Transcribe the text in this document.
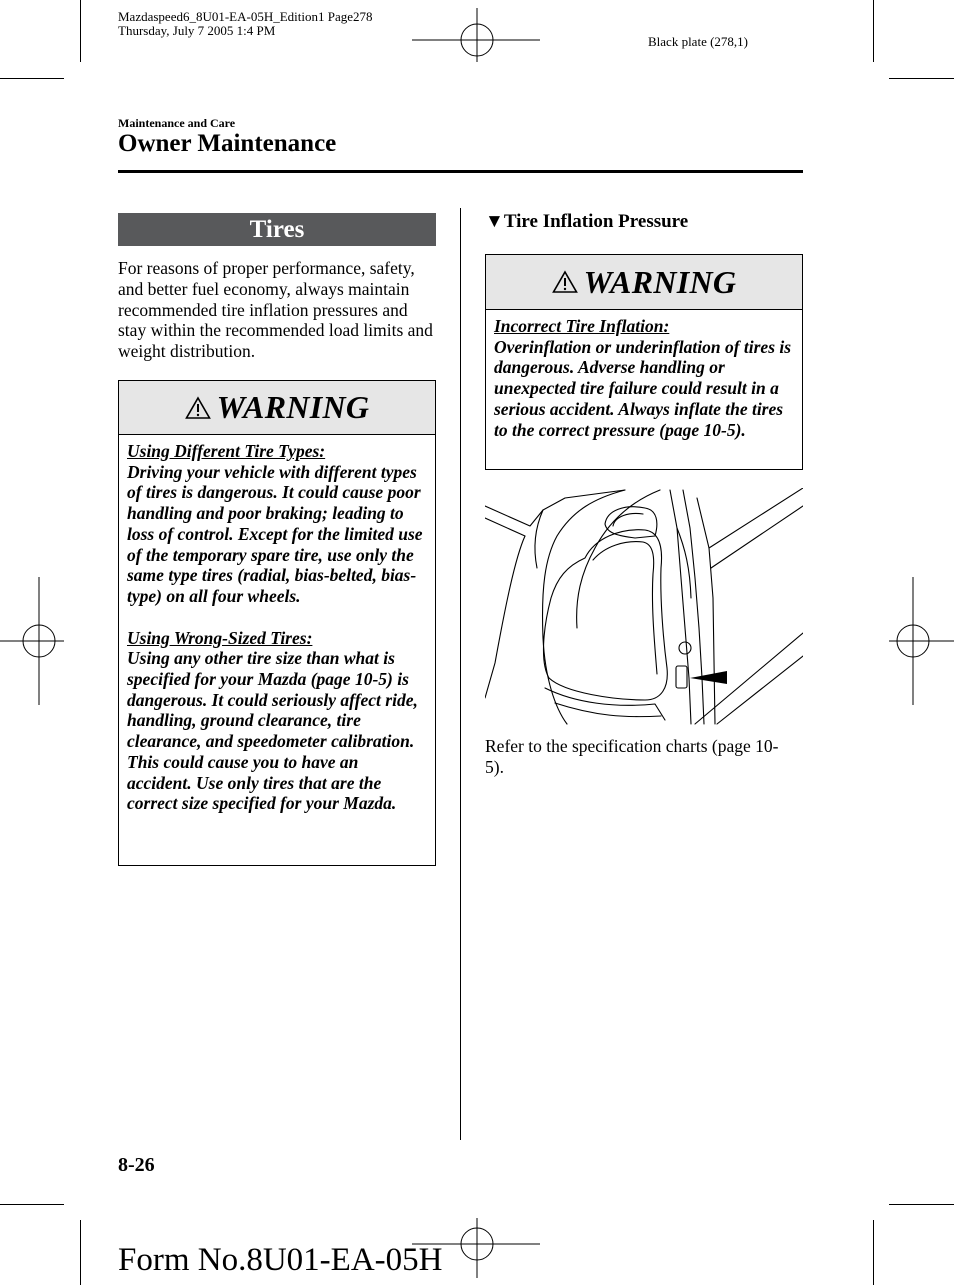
Mazdaspeed6_8U01-EA-05H_Edition1 Page278
Thursday, July 7 2005 1:4 PM
Black plate (278,1)
Maintenance and Care
Owner Maintenance
Tires
For reasons of proper performance, safety, and better fuel economy, always maintain recommended tire inflation pressures and stay within the recommended load limits and weight distribution.
WARNING
Using Different Tire Types:
Driving your vehicle with different types of tires is dangerous. It could cause poor handling and poor braking; leading to loss of control. Except for the limited use of the temporary spare tire, use only the same type tires (radial, bias-belted, bias-type) on all four wheels.
Using Wrong-Sized Tires:
Using any other tire size than what is specified for your Mazda (page 10-5) is dangerous. It could seriously affect ride, handling, ground clearance, tire clearance, and speedometer calibration. This could cause you to have an accident. Use only tires that are the correct size specified for your Mazda.
▼Tire Inflation Pressure
WARNING
Incorrect Tire Inflation:
Overinflation or underinflation of tires is dangerous. Adverse handling or unexpected tire failure could result in a serious accident. Always inflate the tires to the correct pressure (page 10-5).
Refer to the specification charts (page 10-5).
8-26
Form No.8U01-EA-05H
